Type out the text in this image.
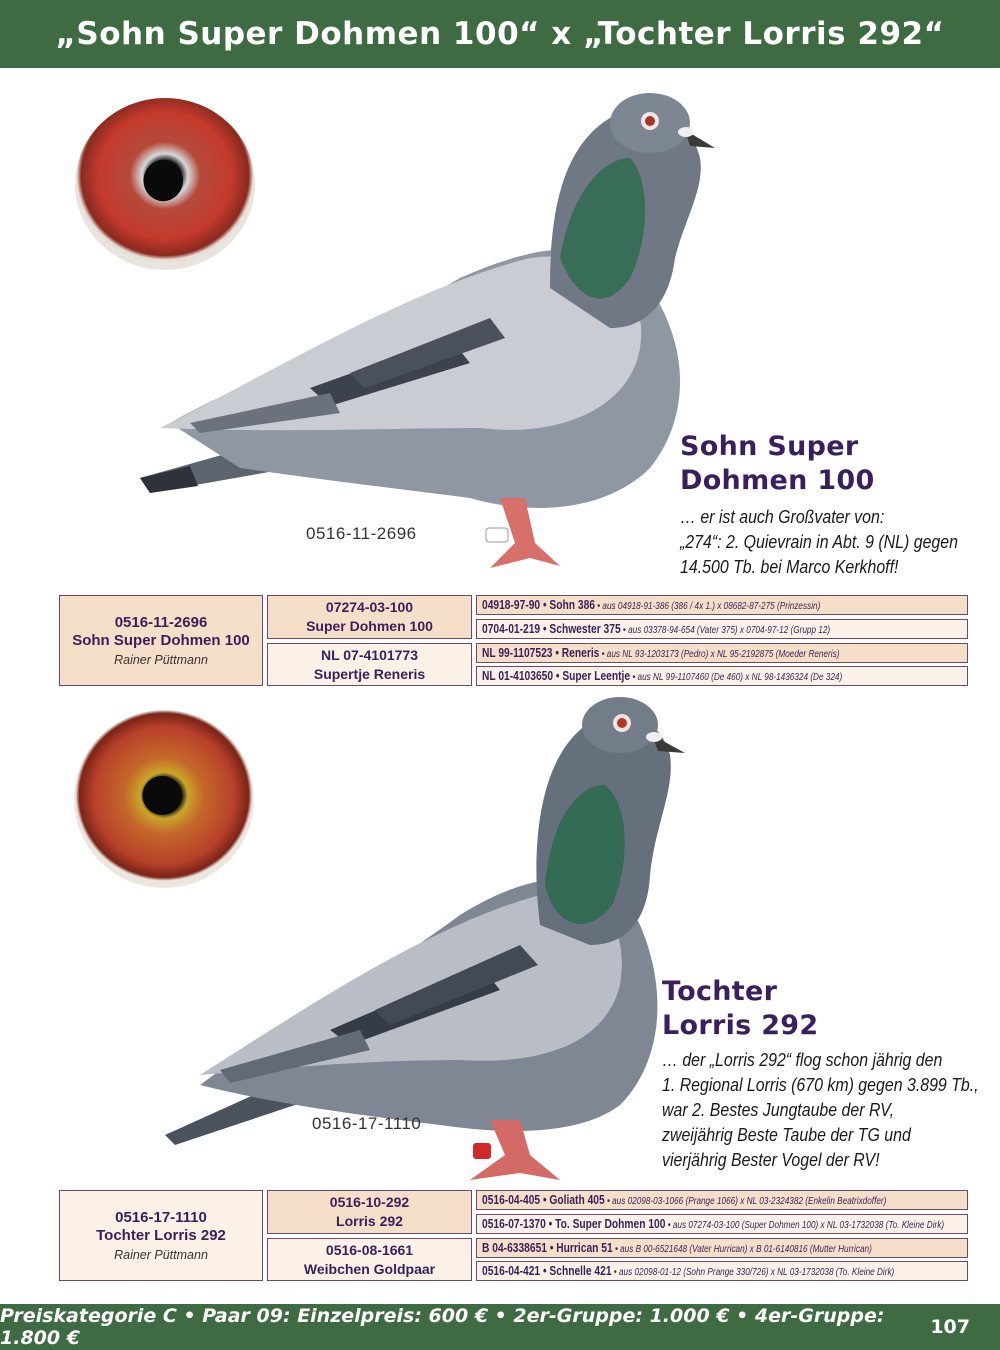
„Sohn Super Dohmen 100“ x „Tochter Lorris 292“
0516-11-2696
Sohn Super
Dohmen 100
… er ist auch Großvater von:
„274“: 2. Quievrain in Abt. 9 (NL) gegen
14.500 Tb. bei Marco Kerkhoff!
0516-11-2696
Sohn Super Dohmen 100
Rainer Püttmann
07274-03-100
Super Dohmen 100
NL 07-4101773
Supertje Reneris
04918-97-90 • Sohn 386 • aus 04918-91-386 (386 / 4x 1.) x 08682-87-275 (Prinzessin)
0704-01-219 • Schwester 375 • aus 03378-94-654 (Vater 375) x 0704-97-12 (Grupp 12)
NL 99-1107523 • Reneris • aus NL 93-1203173 (Pedro) x NL 95-2192875 (Moeder Reneris)
NL 01-4103650 • Super Leentje • aus NL 99-1107460 (De 460) x NL 98-1436324 (De 324)
0516-17-1110
Tochter
Lorris 292
… der „Lorris 292“ flog schon jährig den
1. Regional Lorris (670 km) gegen 3.899 Tb.,
war 2. Bestes Jungtaube der RV,
zweijährig Beste Taube der TG und
vierjährig Bester Vogel der RV!
0516-17-1110
Tochter Lorris 292
Rainer Püttmann
0516-10-292
Lorris 292
0516-08-1661
Weibchen Goldpaar
0516-04-405 • Goliath 405 • aus 02098-03-1066 (Prange 1066) x NL 03-2324382 (Enkelin Beatrixdoffer)
0516-07-1370 • To. Super Dohmen 100 • aus 07274-03-100 (Super Dohmen 100) x NL 03-1732038 (To. Kleine Dirk)
B 04-6338651 • Hurrican 51 • aus B 00-6521648 (Vater Hurrican) x B 01-6140816 (Mutter Hurrican)
0516-04-421 • Schnelle 421 • aus 02098-01-12 (Sohn Prange 330/726) x NL 03-1732038 (To. Kleine Dirk)
Preiskategorie C • Paar 09: Einzelpreis: 600 € • 2er-Gruppe: 1.000 € • 4er-Gruppe: 1.800 €	107
